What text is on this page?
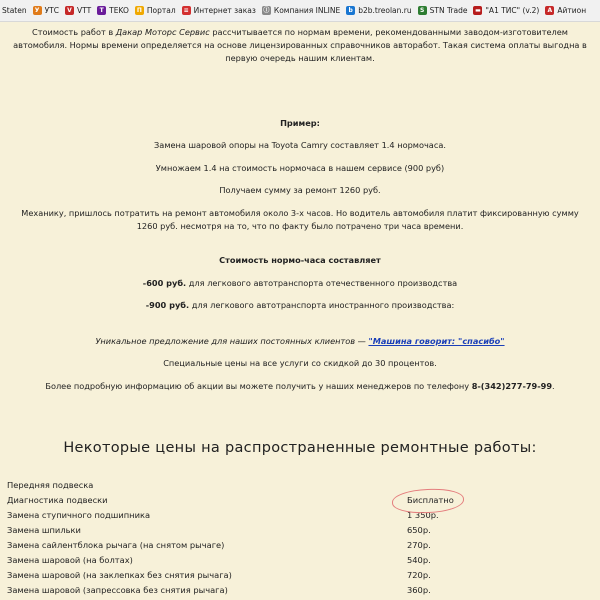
Staten	У УТС	V VTT	T TEKO	П Портал	≡ Интернет заказ Ⓘ Компания INLINE	b b2b.treolan.ru	S STN Trade ▬ "А1 ТИС" (v.2)	А Айтион

Стоимость работ в Дакар Моторс Сервис рассчитывается по нормам времени, рекомендованными заводом-изготовителем автомобиля. Нормы времени определяется на основе лицензированных справочников авторабот. Такая система оплаты выгодна в первую очередь нашим клиентам.

Пример:

Замена шаровой опоры на Toyota Camry составляет 1.4 нормочаса.

Умножаем 1.4 на стоимость нормочаса в нашем сервисе (900 руб)

Получаем сумму за ремонт 1260 руб.

Механику, пришлось потратить на ремонт автомобиля около 3-х часов. Но водитель автомобиля платит фиксированную сумму 1260 руб. несмотря на то, что по факту было потрачено три часа времени.

Стоимость нормо-часа составляет

-600 руб. для легкового автотранспорта отечественного производства

-900 руб. для легкового автотранспорта иностранного производства:

Уникальное предложение для наших постоянных клиентов — "Машина говорит: "спасибо"

Специальные цены на все услуги со скидкой до 30 процентов.

Более подробную информацию об акции вы можете получить у наших менеджеров по телефону 8-(342)277-79-99.

Некоторые цены на распространенные ремонтные работы:
Передняя подвеска
Диагностика подвески	Бисплатно
Замена ступичного подшипника	1 350р.
Замена шпильки	650р.
Замена сайлентблока рычага (на снятом рычаге)	270р.
Замена шаровой (на болтах)	540р.
Замена шаровой (на заклепках без снятия рычага)	720р.
Замена шаровой (запрессовка без снятия рычага)	360р.
